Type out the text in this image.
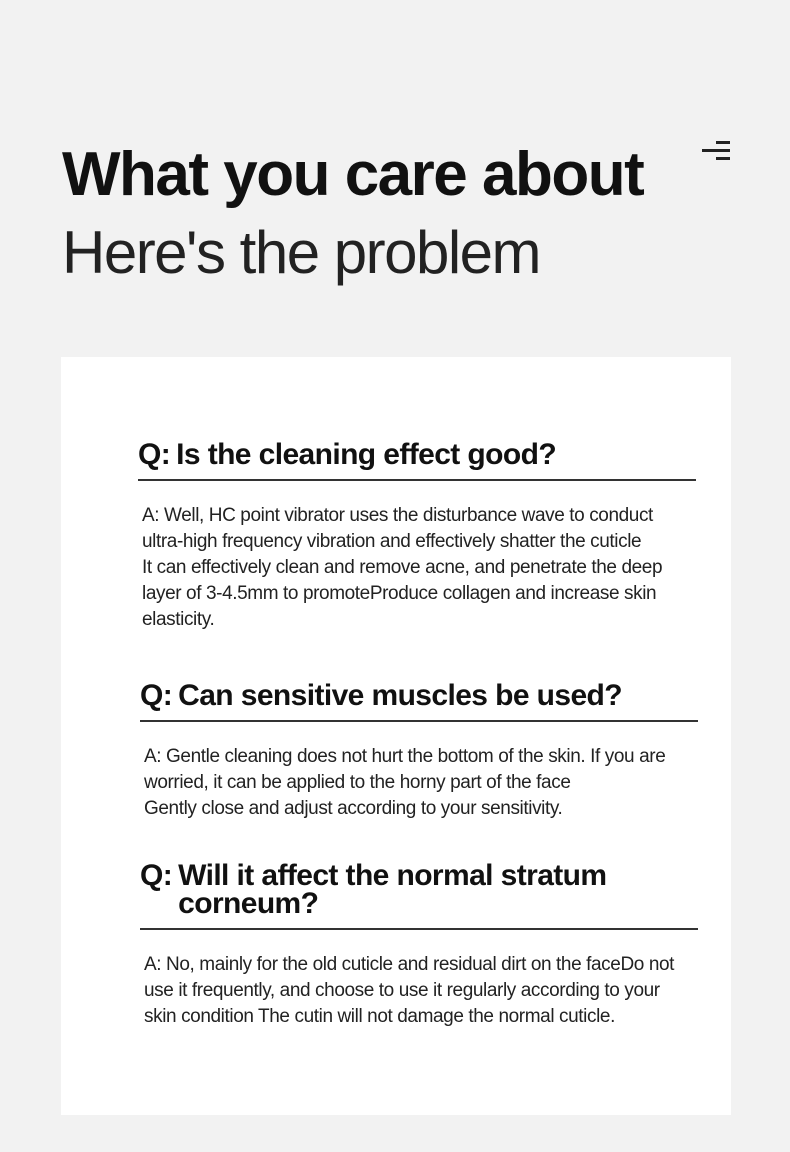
What you care about
Here's the problem
Q: Is the cleaning effect good?
A: Well, HC point vibrator uses the disturbance wave to conduct
ultra-high frequency vibration and effectively shatter the cuticle
It can effectively clean and remove acne, and penetrate the deep
layer of 3-4.5mm to promoteProduce collagen and increase skin
elasticity.
Q: Can sensitive muscles be used?
A: Gentle cleaning does not hurt the bottom of the skin. If you are
worried, it can be applied to the horny part of the face
Gently close and adjust according to your sensitivity.
Q: Will it affect the normal stratum corneum?
A: No, mainly for the old cuticle and residual dirt on the faceDo not
use it frequently, and choose to use it regularly according to your
skin condition The cutin will not damage the normal cuticle.
